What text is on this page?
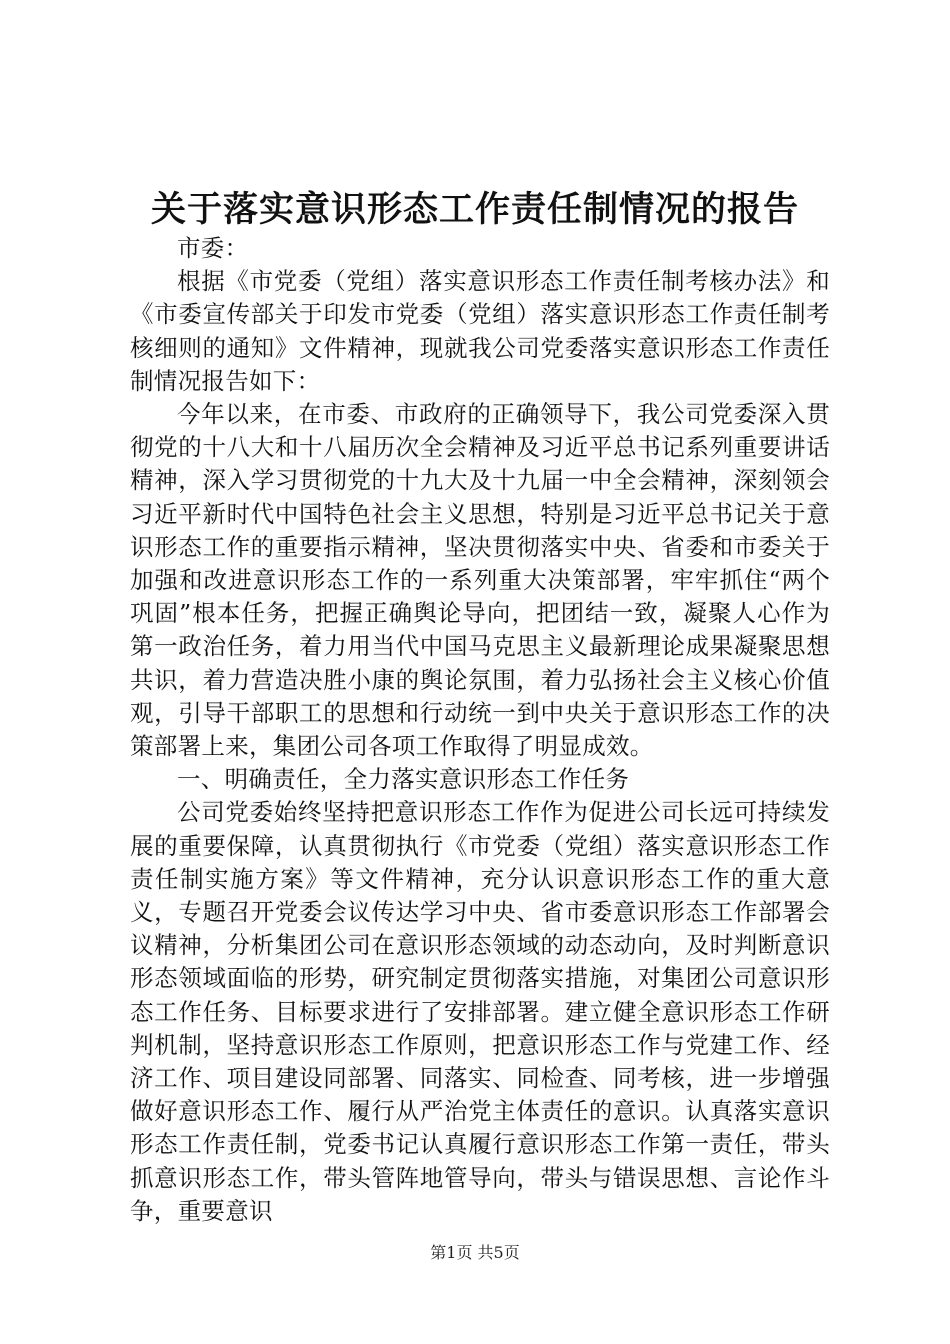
关于落实意识形态工作责任制情况的报告

市委：

根据《市党委（党组）落实意识形态工作责任制考核办法》和《市委宣传部关于印发市党委（党组）落实意识形态工作责任制考核细则的通知》文件精神，现就我公司党委落实意识形态工作责任制情况报告如下：

今年以来，在市委、市政府的正确领导下，我公司党委深入贯彻党的十八大和十八届历次全会精神及习近平总书记系列重要讲话精神，深入学习贯彻党的十九大及十九届一中全会精神，深刻领会习近平新时代中国特色社会主义思想，特别是习近平总书记关于意识形态工作的重要指示精神，坚决贯彻落实中央、省委和市委关于加强和改进意识形态工作的一系列重大决策部署，牢牢抓住“两个巩固”根本任务，把握正确舆论导向，把团结一致，凝聚人心作为第一政治任务，着力用当代中国马克思主义最新理论成果凝聚思想共识，着力营造决胜小康的舆论氛围，着力弘扬社会主义核心价值观，引导干部职工的思想和行动统一到中央关于意识形态工作的决策部署上来，集团公司各项工作取得了明显成效。

一、明确责任，全力落实意识形态工作任务

公司党委始终坚持把意识形态工作作为促进公司长远可持续发展的重要保障，认真贯彻执行《市党委（党组）落实意识形态工作责任制实施方案》等文件精神，充分认识意识形态工作的重大意义，专题召开党委会议传达学习中央、省市委意识形态工作部署会议精神，分析集团公司在意识形态领域的动态动向，及时判断意识形态领域面临的形势，研究制定贯彻落实措施，对集团公司意识形态工作任务、目标要求进行了安排部署。建立健全意识形态工作研判机制，坚持意识形态工作原则，把意识形态工作与党建工作、经济工作、项目建设同部署、同落实、同检查、同考核，进一步增强做好意识形态工作、履行从严治党主体责任的意识。认真落实意识形态工作责任制，党委书记认真履行意识形态工作第一责任，带头抓意识形态工作，带头管阵地管导向，带头与错误思想、言论作斗争，重要意识

第1页 共5页
